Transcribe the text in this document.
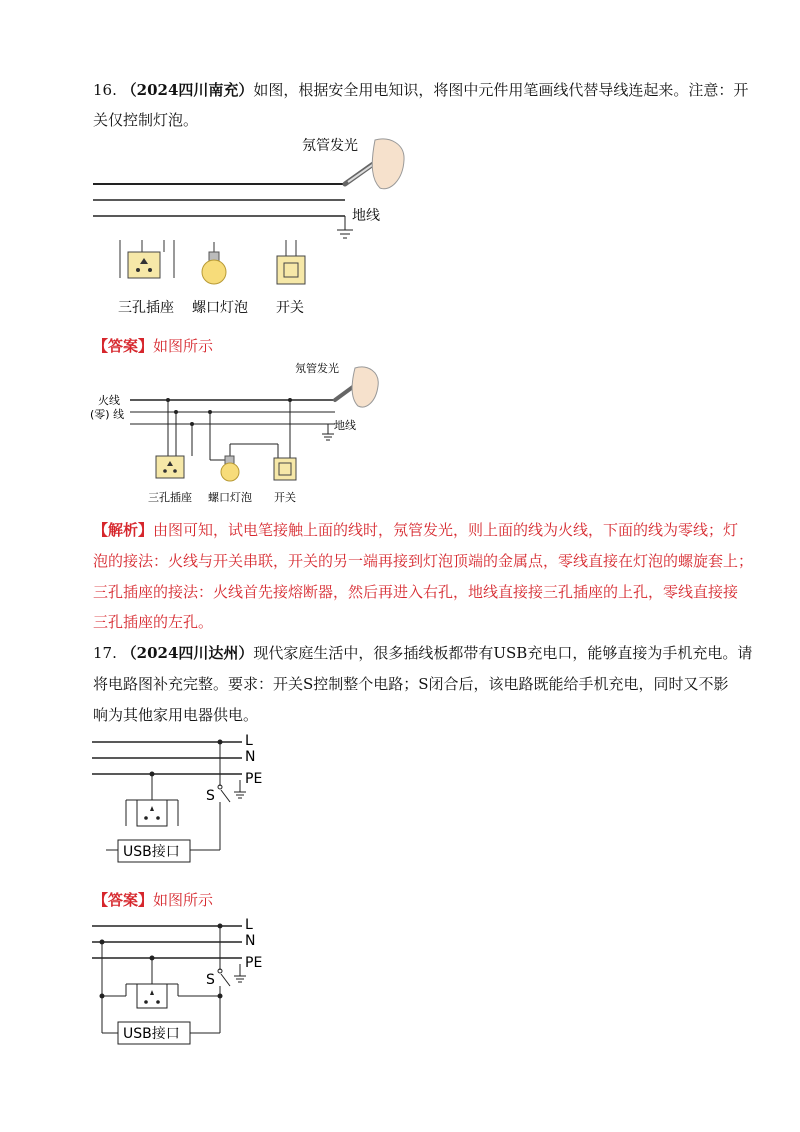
16. （2024四川南充）如图，根据安全用电知识，将图中元件用笔画线代替导线连起来。注意：开
关仅控制灯泡。
氖管发光
地线
三孔插座 螺口灯泡 开关
【答案】如图所示
火线
(零) 线
氖管发光
地线
三孔插座 螺口灯泡 开关
【解析】由图可知，试电笔接触上面的线时，氖管发光，则上面的线为火线，下面的线为零线；灯
泡的接法：火线与开关串联，开关的另一端再接到灯泡顶端的金属点，零线直接在灯泡的螺旋套上；
三孔插座的接法：火线首先接熔断器，然后再进入右孔，地线直接接三孔插座的上孔，零线直接接
三孔插座的左孔。
17. （2024四川达州）现代家庭生活中，很多插线板都带有USB充电口，能够直接为手机充电。请
将电路图补充完整。要求：开关S控制整个电路；S闭合后，该电路既能给手机充电，同时又不影
响为其他家用电器供电。
L
N
PE
S
USB接口
【答案】如图所示
L
N
PE
S
USB接口
